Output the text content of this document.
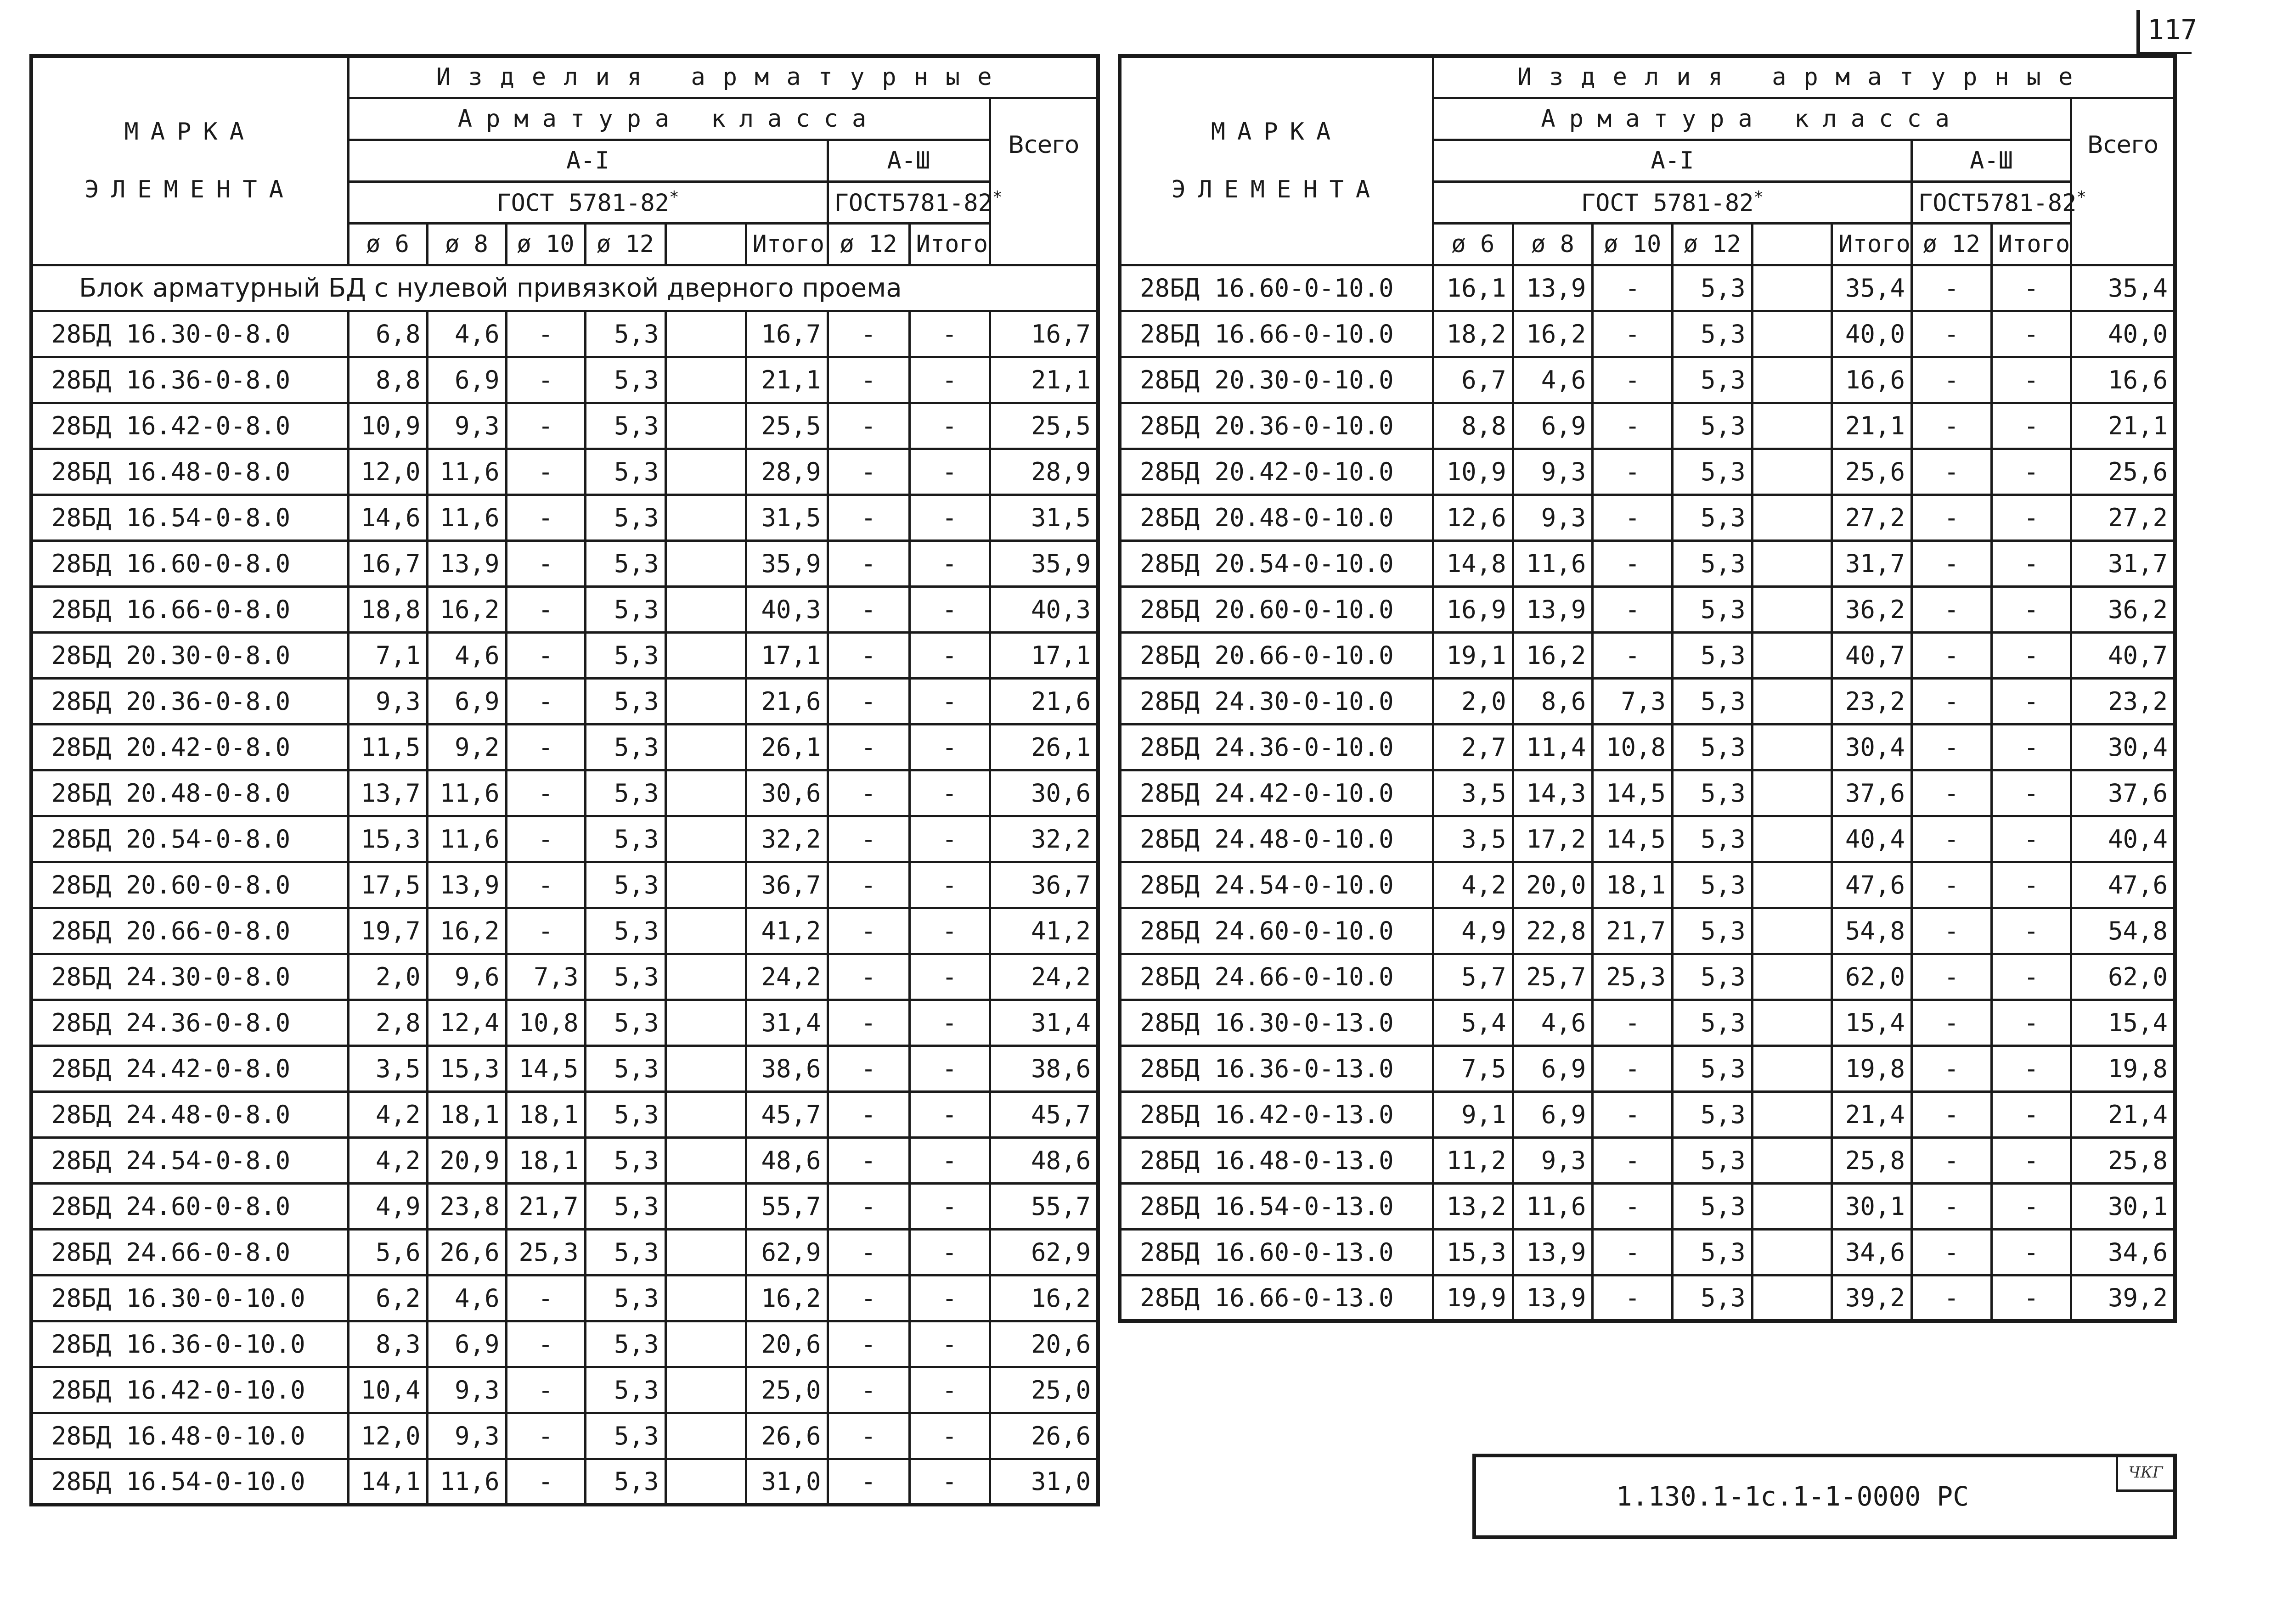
117
МАРКА
ЭЛЕМЕНТА	Изделия арматурные								
	Арматура класса								Всего
	А-I						А-Ш		
	ГОСТ 5781-82*						ГОСТ5781-82*
	ø 6	ø 8	ø 10	ø 12		Итого	ø 12	Итого	
Блок арматурный БД с нулевой привязкой дверного проема									
28БД 16.30-0-8.0	6,8	4,6	-	5,3		16,7	-	-	16,7
28БД 16.36-0-8.0	8,8	6,9	-	5,3		21,1	-	-	21,1
28БД 16.42-0-8.0	10,9	9,3	-	5,3		25,5	-	-	25,5
28БД 16.48-0-8.0	12,0	11,6	-	5,3		28,9	-	-	28,9
28БД 16.54-0-8.0	14,6	11,6	-	5,3		31,5	-	-	31,5
28БД 16.60-0-8.0	16,7	13,9	-	5,3		35,9	-	-	35,9
28БД 16.66-0-8.0	18,8	16,2	-	5,3		40,3	-	-	40,3
28БД 20.30-0-8.0	7,1	4,6	-	5,3		17,1	-	-	17,1
28БД 20.36-0-8.0	9,3	6,9	-	5,3		21,6	-	-	21,6
28БД 20.42-0-8.0	11,5	9,2	-	5,3		26,1	-	-	26,1
28БД 20.48-0-8.0	13,7	11,6	-	5,3		30,6	-	-	30,6
28БД 20.54-0-8.0	15,3	11,6	-	5,3		32,2	-	-	32,2
28БД 20.60-0-8.0	17,5	13,9	-	5,3		36,7	-	-	36,7
28БД 20.66-0-8.0	19,7	16,2	-	5,3		41,2	-	-	41,2
28БД 24.30-0-8.0	2,0	9,6	7,3	5,3		24,2	-	-	24,2
28БД 24.36-0-8.0	2,8	12,4	10,8	5,3		31,4	-	-	31,4
28БД 24.42-0-8.0	3,5	15,3	14,5	5,3		38,6	-	-	38,6
28БД 24.48-0-8.0	4,2	18,1	18,1	5,3		45,7	-	-	45,7
28БД 24.54-0-8.0	4,2	20,9	18,1	5,3		48,6	-	-	48,6
28БД 24.60-0-8.0	4,9	23,8	21,7	5,3		55,7	-	-	55,7
28БД 24.66-0-8.0	5,6	26,6	25,3	5,3		62,9	-	-	62,9
28БД 16.30-0-10.0	6,2	4,6	-	5,3		16,2	-	-	16,2
28БД 16.36-0-10.0	8,3	6,9	-	5,3		20,6	-	-	20,6
28БД 16.42-0-10.0	10,4	9,3	-	5,3		25,0	-	-	25,0
28БД 16.48-0-10.0	12,0	9,3	-	5,3		26,6	-	-	26,6
28БД 16.54-0-10.0	14,1	11,6	-	5,3		31,0	-	-	31,0
МАРКА
ЭЛЕМЕНТА	Изделия арматурные								
	Арматура класса								Всего
	А-I						А-Ш		
	ГОСТ 5781-82*						ГОСТ5781-82*
	ø 6	ø 8	ø 10	ø 12		Итого	ø 12	Итого	
28БД 16.60-0-10.0	16,1	13,9	-	5,3		35,4	-	-	35,4
28БД 16.66-0-10.0	18,2	16,2	-	5,3		40,0	-	-	40,0
28БД 20.30-0-10.0	6,7	4,6	-	5,3		16,6	-	-	16,6
28БД 20.36-0-10.0	8,8	6,9	-	5,3		21,1	-	-	21,1
28БД 20.42-0-10.0	10,9	9,3	-	5,3		25,6	-	-	25,6
28БД 20.48-0-10.0	12,6	9,3	-	5,3		27,2	-	-	27,2
28БД 20.54-0-10.0	14,8	11,6	-	5,3		31,7	-	-	31,7
28БД 20.60-0-10.0	16,9	13,9	-	5,3		36,2	-	-	36,2
28БД 20.66-0-10.0	19,1	16,2	-	5,3		40,7	-	-	40,7
28БД 24.30-0-10.0	2,0	8,6	7,3	5,3		23,2	-	-	23,2
28БД 24.36-0-10.0	2,7	11,4	10,8	5,3		30,4	-	-	30,4
28БД 24.42-0-10.0	3,5	14,3	14,5	5,3		37,6	-	-	37,6
28БД 24.48-0-10.0	3,5	17,2	14,5	5,3		40,4	-	-	40,4
28БД 24.54-0-10.0	4,2	20,0	18,1	5,3		47,6	-	-	47,6
28БД 24.60-0-10.0	4,9	22,8	21,7	5,3		54,8	-	-	54,8
28БД 24.66-0-10.0	5,7	25,7	25,3	5,3		62,0	-	-	62,0
28БД 16.30-0-13.0	5,4	4,6	-	5,3		15,4	-	-	15,4
28БД 16.36-0-13.0	7,5	6,9	-	5,3		19,8	-	-	19,8
28БД 16.42-0-13.0	9,1	6,9	-	5,3		21,4	-	-	21,4
28БД 16.48-0-13.0	11,2	9,3	-	5,3		25,8	-	-	25,8
28БД 16.54-0-13.0	13,2	11,6	-	5,3		30,1	-	-	30,1
28БД 16.60-0-13.0	15,3	13,9	-	5,3		34,6	-	-	34,6
28БД 16.66-0-13.0	19,9	13,9	-	5,3		39,2	-	-	39,2
1.130.1-1с.1-1-0000 РС
ЧКГ
